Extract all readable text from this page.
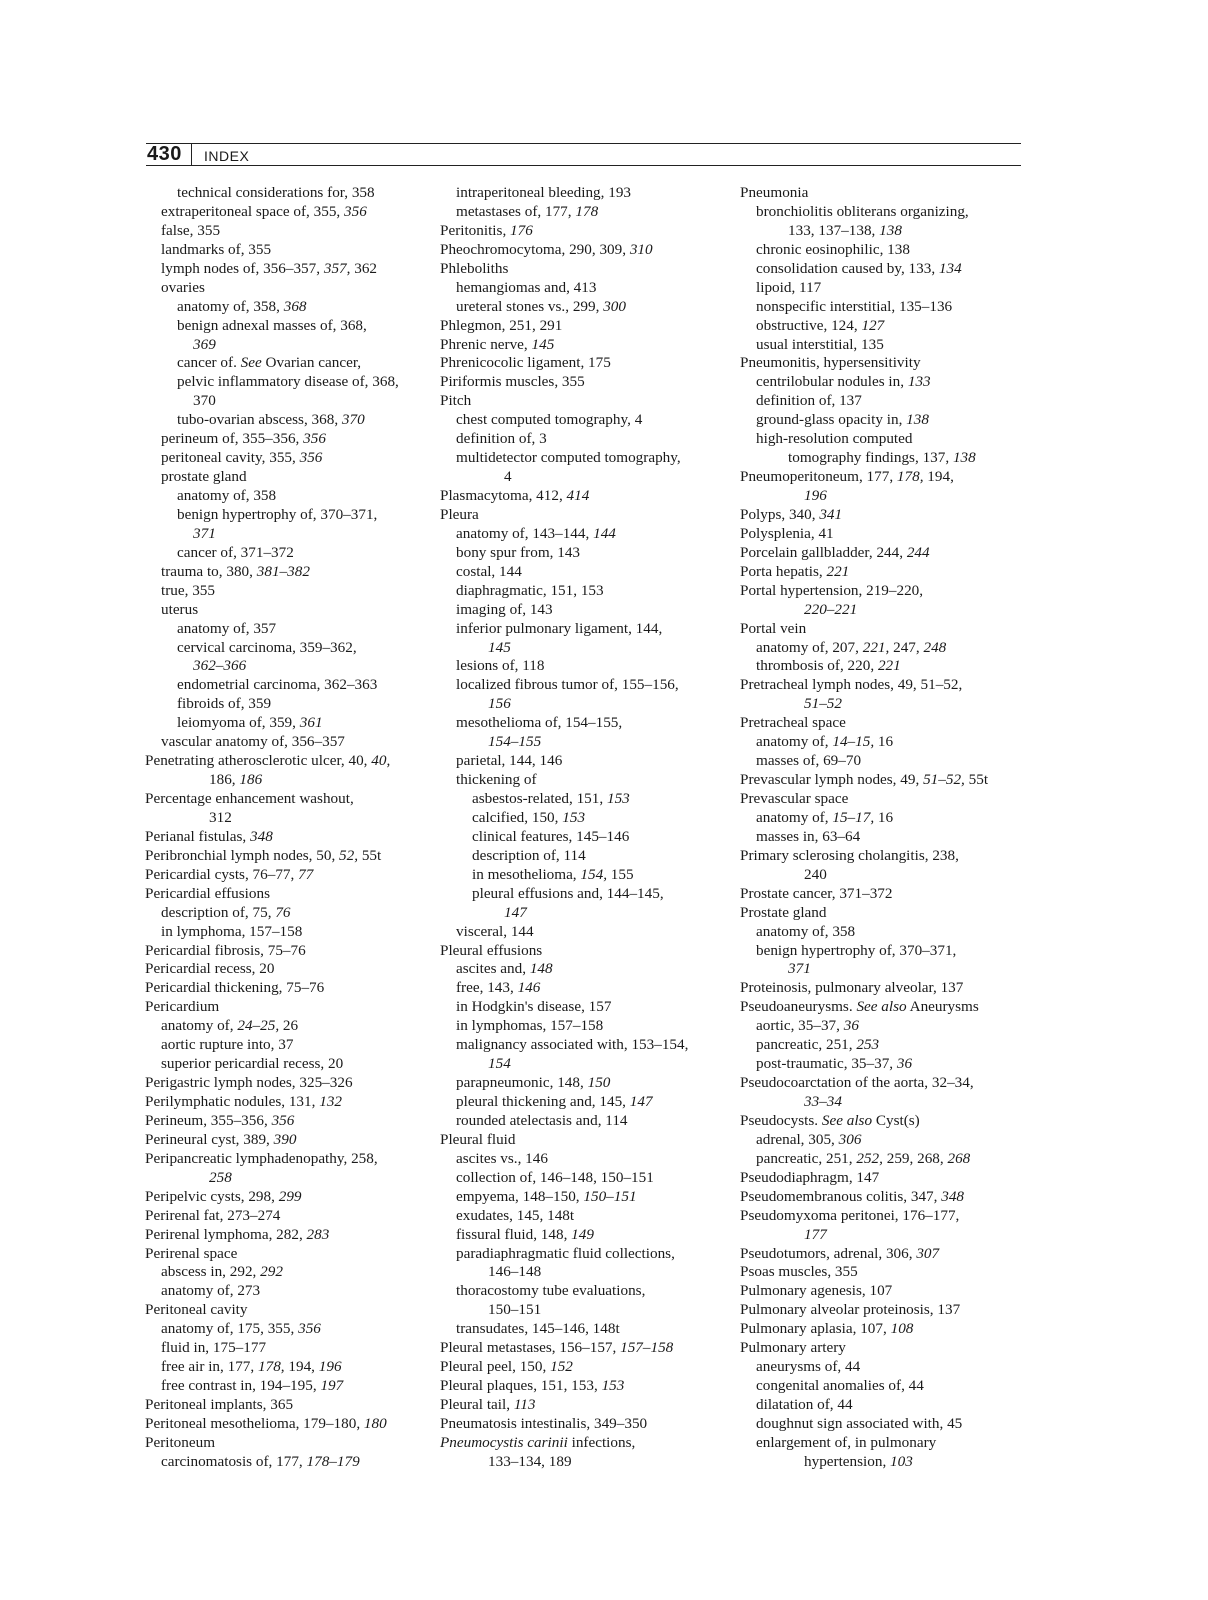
430 INDEX
technical considerations for, 358
extraperitoneal space of, 355, 356
false, 355
landmarks of, 355
lymph nodes of, 356–357, 357, 362
ovaries
anatomy of, 358, 368
benign adnexal masses of, 368,
369
cancer of. See Ovarian cancer,
pelvic inflammatory disease of, 368,
370
tubo-ovarian abscess, 368, 370
perineum of, 355–356, 356
peritoneal cavity, 355, 356
prostate gland
anatomy of, 358
benign hypertrophy of, 370–371,
371
cancer of, 371–372
trauma to, 380, 381–382
true, 355
uterus
anatomy of, 357
cervical carcinoma, 359–362,
362–366
endometrial carcinoma, 362–363
fibroids of, 359
leiomyoma of, 359, 361
vascular anatomy of, 356–357
Penetrating atherosclerotic ulcer, 40, 40,
186, 186
Percentage enhancement washout,
312
Perianal fistulas, 348
Peribronchial lymph nodes, 50, 52, 55t
Pericardial cysts, 76–77, 77
Pericardial effusions
description of, 75, 76
in lymphoma, 157–158
Pericardial fibrosis, 75–76
Pericardial recess, 20
Pericardial thickening, 75–76
Pericardium
anatomy of, 24–25, 26
aortic rupture into, 37
superior pericardial recess, 20
Perigastric lymph nodes, 325–326
Perilymphatic nodules, 131, 132
Perineum, 355–356, 356
Perineural cyst, 389, 390
Peripancreatic lymphadenopathy, 258,
258
Peripelvic cysts, 298, 299
Perirenal fat, 273–274
Perirenal lymphoma, 282, 283
Perirenal space
abscess in, 292, 292
anatomy of, 273
Peritoneal cavity
anatomy of, 175, 355, 356
fluid in, 175–177
free air in, 177, 178, 194, 196
free contrast in, 194–195, 197
Peritoneal implants, 365
Peritoneal mesothelioma, 179–180, 180
Peritoneum
carcinomatosis of, 177, 178–179
intraperitoneal bleeding, 193
metastases of, 177, 178
Peritonitis, 176
Pheochromocytoma, 290, 309, 310
Phleboliths
hemangiomas and, 413
ureteral stones vs., 299, 300
Phlegmon, 251, 291
Phrenic nerve, 145
Phrenicocolic ligament, 175
Piriformis muscles, 355
Pitch
chest computed tomography, 4
definition of, 3
multidetector computed tomography,
4
Plasmacytoma, 412, 414
Pleura
anatomy of, 143–144, 144
bony spur from, 143
costal, 144
diaphragmatic, 151, 153
imaging of, 143
inferior pulmonary ligament, 144,
145
lesions of, 118
localized fibrous tumor of, 155–156,
156
mesothelioma of, 154–155,
154–155
parietal, 144, 146
thickening of
asbestos-related, 151, 153
calcified, 150, 153
clinical features, 145–146
description of, 114
in mesothelioma, 154, 155
pleural effusions and, 144–145,
147
visceral, 144
Pleural effusions
ascites and, 148
free, 143, 146
in Hodgkin's disease, 157
in lymphomas, 157–158
malignancy associated with, 153–154,
154
parapneumonic, 148, 150
pleural thickening and, 145, 147
rounded atelectasis and, 114
Pleural fluid
ascites vs., 146
collection of, 146–148, 150–151
empyema, 148–150, 150–151
exudates, 145, 148t
fissural fluid, 148, 149
paradiaphragmatic fluid collections,
146–148
thoracostomy tube evaluations,
150–151
transudates, 145–146, 148t
Pleural metastases, 156–157, 157–158
Pleural peel, 150, 152
Pleural plaques, 151, 153, 153
Pleural tail, 113
Pneumatosis intestinalis, 349–350
Pneumocystis carinii infections,
133–134, 189
Pneumonia
bronchiolitis obliterans organizing,
133, 137–138, 138
chronic eosinophilic, 138
consolidation caused by, 133, 134
lipoid, 117
nonspecific interstitial, 135–136
obstructive, 124, 127
usual interstitial, 135
Pneumonitis, hypersensitivity
centrilobular nodules in, 133
definition of, 137
ground-glass opacity in, 138
high-resolution computed
tomography findings, 137, 138
Pneumoperitoneum, 177, 178, 194,
196
Polyps, 340, 341
Polysplenia, 41
Porcelain gallbladder, 244, 244
Porta hepatis, 221
Portal hypertension, 219–220,
220–221
Portal vein
anatomy of, 207, 221, 247, 248
thrombosis of, 220, 221
Pretracheal lymph nodes, 49, 51–52,
51–52
Pretracheal space
anatomy of, 14–15, 16
masses of, 69–70
Prevascular lymph nodes, 49, 51–52, 55t
Prevascular space
anatomy of, 15–17, 16
masses in, 63–64
Primary sclerosing cholangitis, 238,
240
Prostate cancer, 371–372
Prostate gland
anatomy of, 358
benign hypertrophy of, 370–371,
371
Proteinosis, pulmonary alveolar, 137
Pseudoaneurysms. See also Aneurysms
aortic, 35–37, 36
pancreatic, 251, 253
post-traumatic, 35–37, 36
Pseudocoarctation of the aorta, 32–34,
33–34
Pseudocysts. See also Cyst(s)
adrenal, 305, 306
pancreatic, 251, 252, 259, 268, 268
Pseudodiaphragm, 147
Pseudomembranous colitis, 347, 348
Pseudomyxoma peritonei, 176–177,
177
Pseudotumors, adrenal, 306, 307
Psoas muscles, 355
Pulmonary agenesis, 107
Pulmonary alveolar proteinosis, 137
Pulmonary aplasia, 107, 108
Pulmonary artery
aneurysms of, 44
congenital anomalies of, 44
dilatation of, 44
doughnut sign associated with, 45
enlargement of, in pulmonary
hypertension, 103
